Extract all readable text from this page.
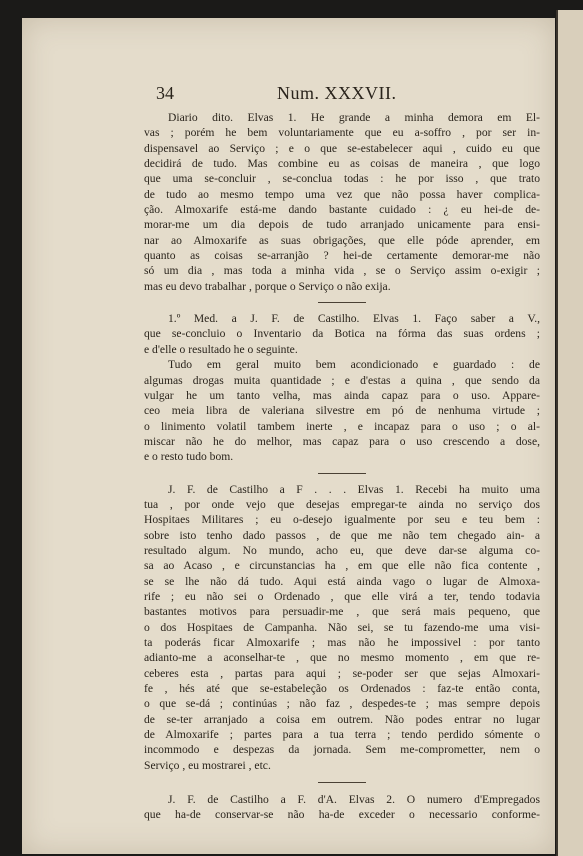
34	Num. XXXVII.
Diario dito. Elvas 1. He grande a minha demora em El-
vas ; porém he bem voluntariamente que eu a-soffro , por ser in-
dispensavel ao Serviço ; e o que se-estabelecer aqui , cuido eu que
decidirá de tudo. Mas combine eu as coisas de maneira , que logo
que uma se-concluir , se-conclua todas : he por isso , que trato
de tudo ao mesmo tempo uma vez que não possa haver complica-
ção. Almoxarife está-me dando bastante cuidado : ¿ eu hei-de de-
morar-me um dia depois de tudo arranjado unicamente para ensi-
nar ao Almoxarife as suas obrigações, que elle póde aprender, em
quanto as coisas se-arranjão ? hei-de certamente demorar-me não
só um dia , mas toda a minha vida , se o Serviço assim o-exigir ;
mas eu devo trabalhar , porque o Serviço o não exija.
1.º Med. a J. F. de Castilho. Elvas 1. Faço saber a V.,
que se-concluio o Inventario da Botica na fórma das suas ordens ;
e d'elle o resultado he o seguinte.
Tudo em geral muito bem acondicionado e guardado : de
algumas drogas muita quantidade ; e d'estas a quina , que sendo da
vulgar he um tanto velha, mas ainda capaz para o uso. Appare-
ceo meia libra de valeriana silvestre em pó de nenhuma virtude ;
o linimento volatil tambem inerte , e incapaz para o uso ; o al-
miscar não he do melhor, mas capaz para o uso crescendo a dose,
e o resto tudo bom.
J. F. de Castilho a F . . . Elvas 1. Recebi ha muito uma
tua , por onde vejo que desejas empregar-te ainda no serviço dos
Hospitaes Militares ; eu o-desejo igualmente por seu e teu bem :
sobre isto tenho dado passos , de que me não tem chegado ain- a
resultado algum. No mundo, acho eu, que deve dar-se alguma co-
sa ao Acaso , e circunstancias ha , em que elle não fica contente ,
se se lhe não dá tudo. Aqui está ainda vago o lugar de Almoxa-
rife ; eu não sei o Ordenado , que elle virá a ter, tendo todavia
bastantes motivos para persuadir-me , que será mais pequeno, que
o dos Hospitaes de Campanha. Não sei, se tu fazendo-me uma visi-
ta poderás ficar Almoxarife ; mas não he impossivel : por tanto
adianto-me a aconselhar-te , que no mesmo momento , em que re-
ceberes esta , partas para aqui ; se-poder ser que sejas Almoxari-
fe , hés até que se-estabeleção os Ordenados : faz-te então conta,
o que se-dá ; continúas ; não faz , despedes-te ; mas sempre depois
de se-ter arranjado a coisa em outrem. Não podes entrar no lugar
de Almoxarife ; partes para a tua terra ; tendo perdido sómente o
incommodo e despezas da jornada. Sem me-comprometter, nem o
Serviço , eu mostrarei , etc.
J. F. de Castilho a F. d'A. Elvas 2. O numero d'Empregados
que ha-de conservar-se não ha-de exceder o necessario conforme-
